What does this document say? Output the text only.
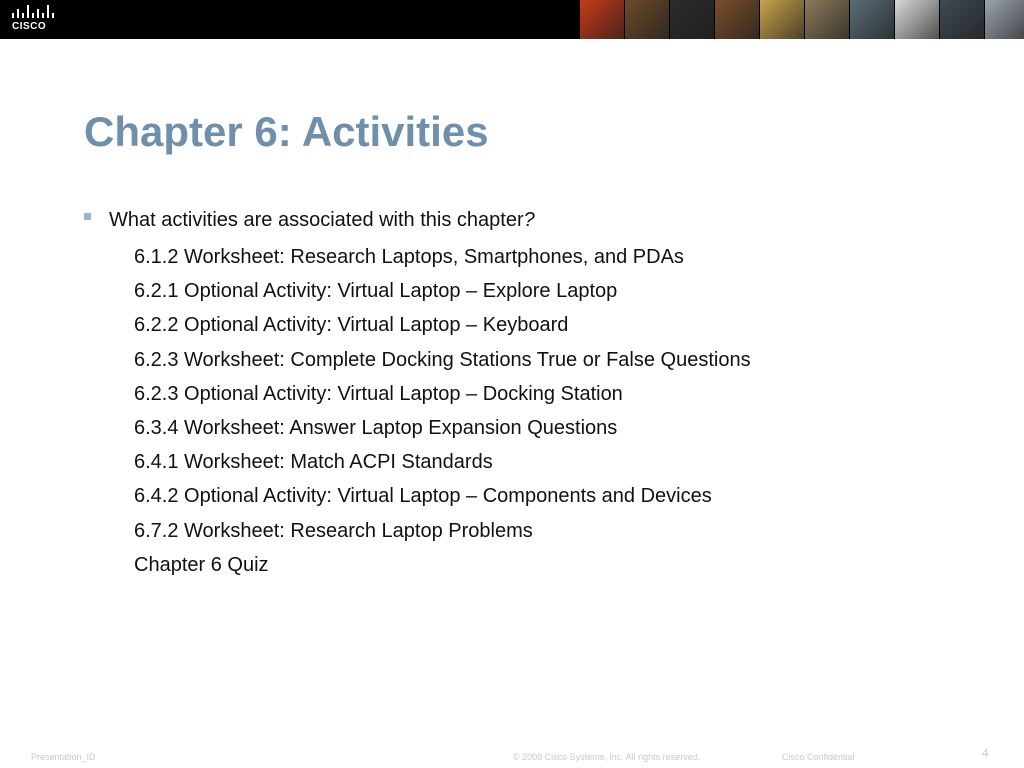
CISCO
Chapter 6: Activities
What activities are associated with this chapter?
6.1.2 Worksheet: Research Laptops, Smartphones, and PDAs
6.2.1 Optional Activity: Virtual Laptop – Explore Laptop
6.2.2 Optional Activity: Virtual Laptop – Keyboard
6.2.3 Worksheet: Complete Docking Stations True or False Questions
6.2.3 Optional Activity: Virtual Laptop – Docking Station
6.3.4 Worksheet: Answer Laptop Expansion Questions
6.4.1 Worksheet: Match ACPI Standards
6.4.2 Optional Activity: Virtual Laptop – Components and Devices
6.7.2 Worksheet: Research Laptop Problems
Chapter 6 Quiz
Presentation_ID	© 2008 Cisco Systems, Inc. All rights reserved.	Cisco Confidential	4
